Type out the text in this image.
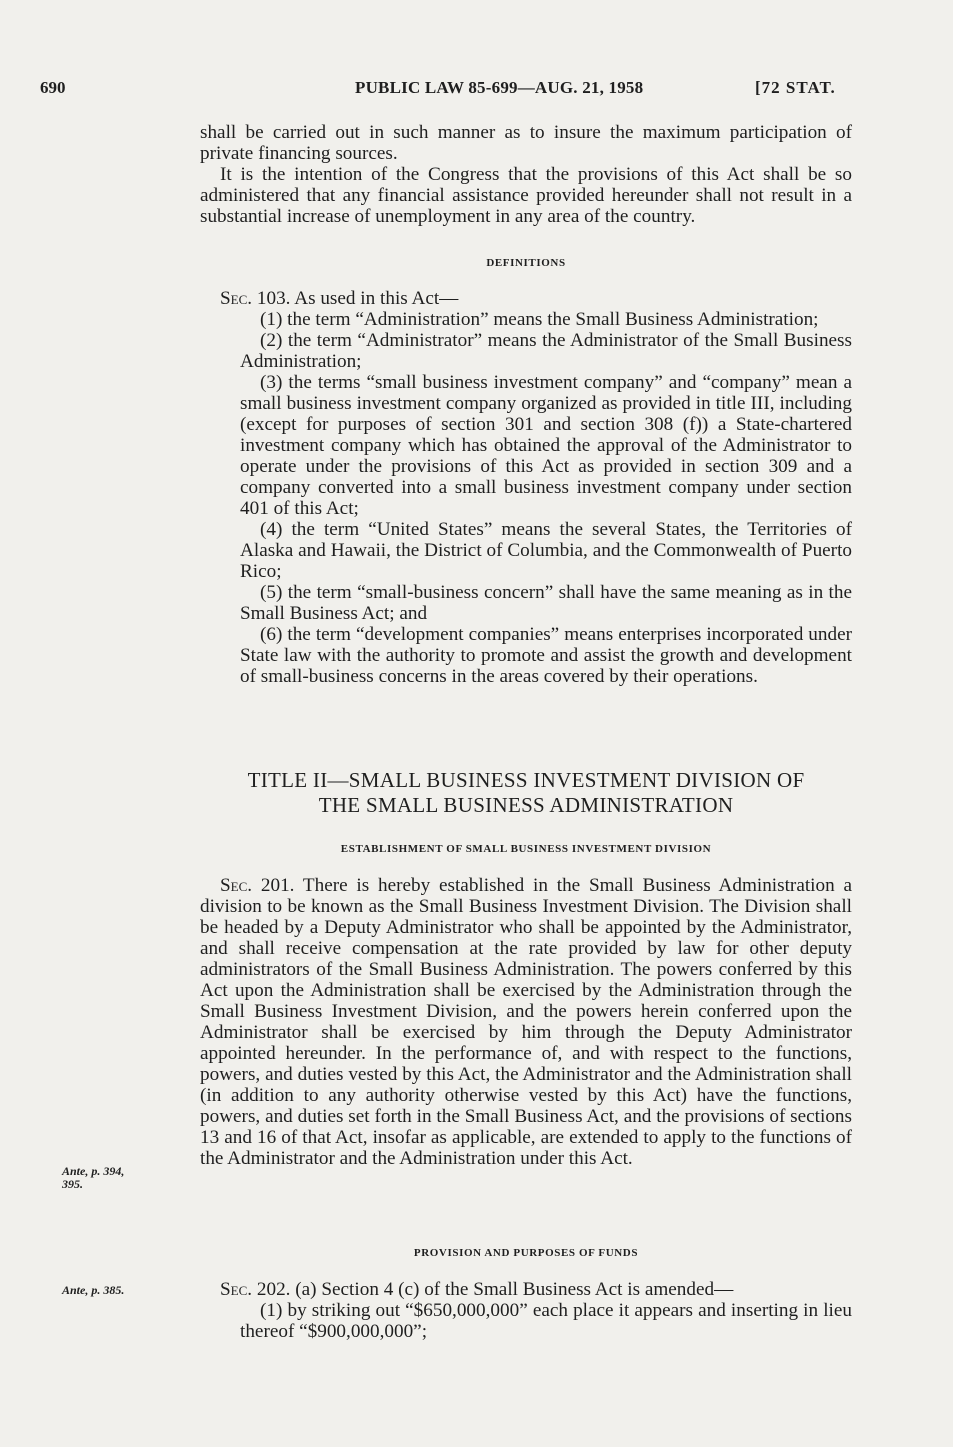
690	PUBLIC LAW 85-699—AUG. 21, 1958	[72 STAT.

shall be carried out in such manner as to insure the maximum participation of private financing sources.

It is the intention of the Congress that the provisions of this Act shall be so administered that any financial assistance provided hereunder shall not result in a substantial increase of unemployment in any area of the country.

DEFINITIONS

Sec. 103. As used in this Act—

(1) the term “Administration” means the Small Business Administration;

(2) the term “Administrator” means the Administrator of the Small Business Administration;

(3) the terms “small business investment company” and “company” mean a small business investment company organized as provided in title III, including (except for purposes of section 301 and section 308 (f)) a State-chartered investment company which has obtained the approval of the Administrator to operate under the provisions of this Act as provided in section 309 and a company converted into a small business investment company under section 401 of this Act;

(4) the term “United States” means the several States, the Territories of Alaska and Hawaii, the District of Columbia, and the Commonwealth of Puerto Rico;

(5) the term “small-business concern” shall have the same meaning as in the Small Business Act; and

(6) the term “development companies” means enterprises incorporated under State law with the authority to promote and assist the growth and development of small-business concerns in the areas covered by their operations.

TITLE II—SMALL BUSINESS INVESTMENT DIVISION OF
THE SMALL BUSINESS ADMINISTRATION
ESTABLISHMENT OF SMALL BUSINESS INVESTMENT DIVISION

Sec. 201. There is hereby established in the Small Business Administration a division to be known as the Small Business Investment Division. The Division shall be headed by a Deputy Administrator who shall be appointed by the Administrator, and shall receive compensation at the rate provided by law for other deputy administrators of the Small Business Administration. The powers conferred by this Act upon the Administration shall be exercised by the Administration through the Small Business Investment Division, and the powers herein conferred upon the Administrator shall be exercised by him through the Deputy Administrator appointed hereunder. In the performance of, and with respect to the functions, powers, and duties vested by this Act, the Administrator and the Administration shall (in addition to any authority otherwise vested by this Act) have the functions, powers, and duties set forth in the Small Business Act, and the provisions of sections 13 and 16 of that Act, insofar as applicable, are extended to apply to the functions of the Administrator and the Administration under this Act.

Ante, p. 394,
395.
PROVISION AND PURPOSES OF FUNDS

Sec. 202. (a) Section 4 (c) of the Small Business Act is amended—

(1) by striking out “$650,000,000” each place it appears and inserting in lieu thereof “$900,000,000”;

Ante, p. 385.
